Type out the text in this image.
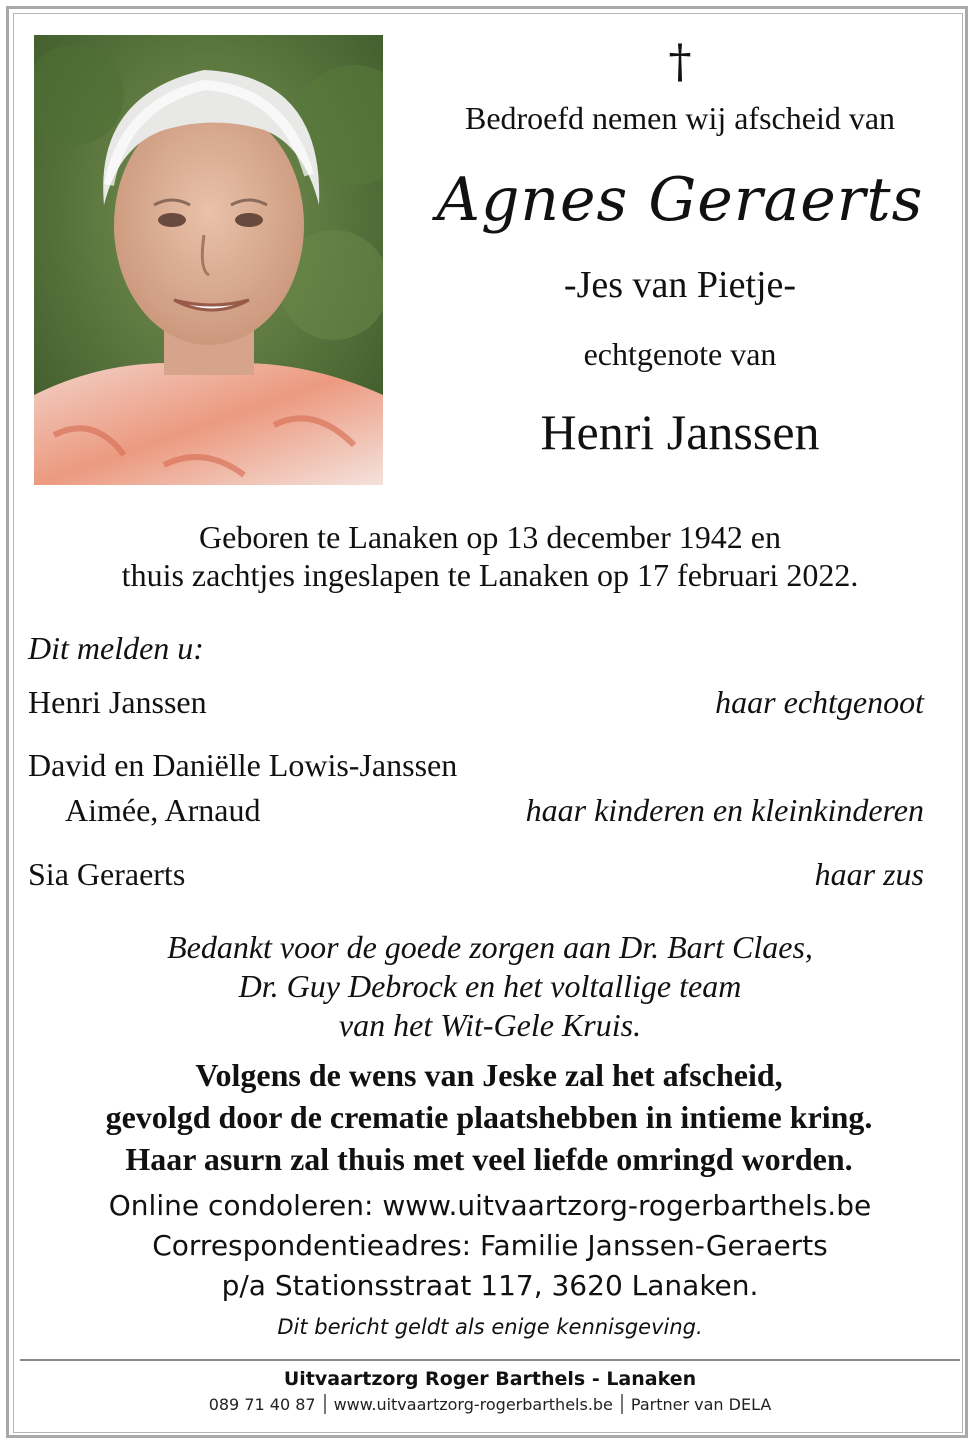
†
Bedroefd nemen wij afscheid van
Agnes Geraerts
-Jes van Pietje-
echtgenote van
Henri Janssen
Geboren te Lanaken op 13 december 1942 en
thuis zachtjes ingeslapen te Lanaken op 17 februari 2022.
Dit melden u:
Henri Janssen	haar echtgenoot
David en Daniëlle Lowis-Janssen
Aimée, Arnaud	haar kinderen en kleinkinderen
Sia Geraerts	haar zus
Bedankt voor de goede zorgen aan Dr. Bart Claes,
Dr. Guy Debrock en het voltallige team
van het Wit-Gele Kruis.
Volgens de wens van Jeske zal het afscheid,
gevolgd door de crematie plaatshebben in intieme kring.
Haar asurn zal thuis met veel liefde omringd worden.
Online condoleren: www.uitvaartzorg-rogerbarthels.be
Correspondentieadres: Familie Janssen-Geraerts
p/a Stationsstraat 117, 3620 Lanaken.
Dit bericht geldt als enige kennisgeving.
Uitvaartzorg Roger Barthels - Lanaken
089 71 40 87 www.uitvaartzorg-rogerbarthels.be Partner van DELA
